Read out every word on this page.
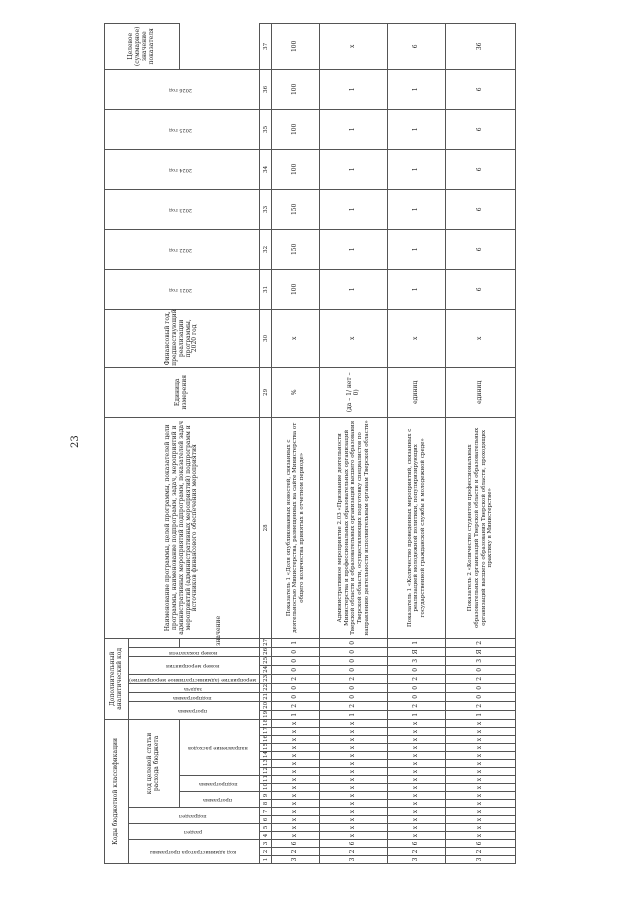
23
Коды бюджетной классификации																		Дополнительный аналитический код									Наименование программы, целей программы, показателей цели программы, наименование подпрограмм, задач, мероприятий и административных мероприятий подпрограмм, показателей задач мероприятий (административных мероприятий) подпрограмм и источников финансового обеспечения мероприятия	Единица измерения	Финансовый год, предшествующий реализации программы, 2020 год	2021 год	2022 год	2023 год	2024 год	2025 год	2026 год	Целевое (суммарное) значение показателя
код администратора программы			раздел		подраздел		код целевой статьи расхода бюджета											программа		подпрограмма	задача	мероприятие (административное мероприятие)	номер мероприятия		номер показателя											
							программа		подпрограмма		направление расходов															значение										
1	2	3	4	5	6	7	8	9	10	11	12	13	14	15	16	17	18	19	20	21	22	23	24	25	26	27	28	29	30	31	32	33	34	35	36	37
3	2	6	х	х	х	х	х	х	х	х	х	х	х	х	х	х	х	1	2	0	0	2	0	0	0	1	Показатель 1 «Доля опубликованных новостей, связанных с деятельностью Министерства, размещенных на сайте Министерства от общего количества принятых в отчетном периоде»	%	х	100	150	150	100	100	100	100
3	2	6	х	х	х	х	х	х	х	х	х	х	х	х	х	х	х	1	2	0	0	2	0	0	0	0	Административное мероприятие 2.03 «Признание деятельности Министерства и профессиональных образовательных организаций Тверской области и образовательных организаций высшего образования Тверской области, осуществляющих подготовку специалистов по направлению деятельности исполнительным органам Тверской области»	(да – 1/ нет – 0)	х	1	1	1	1	1	1	х
3	2	6	х	х	х	х	х	х	х	х	х	х	х	х	х	х	х	1	2	0	0	2	0	3	Я	1	Показатель 1 «Количество проведенных мероприятий, связанных с реализацией молодежной политики, популяризирующих государственной гражданской службы в молодежной среде»	единиц	х	1	1	1	1	1	1	6
3	2	6	х	х	х	х	х	х	х	х	х	х	х	х	х	х	х	1	2	0	0	2	0	3	Я	2	Показатель 2 «Количество студентов профессиональных образовательных организаций Тверской области и образовательных организаций высшего образования Тверской области, проходящих практику в Министерстве»	единиц	х	6	6	6	6	6	6	36
